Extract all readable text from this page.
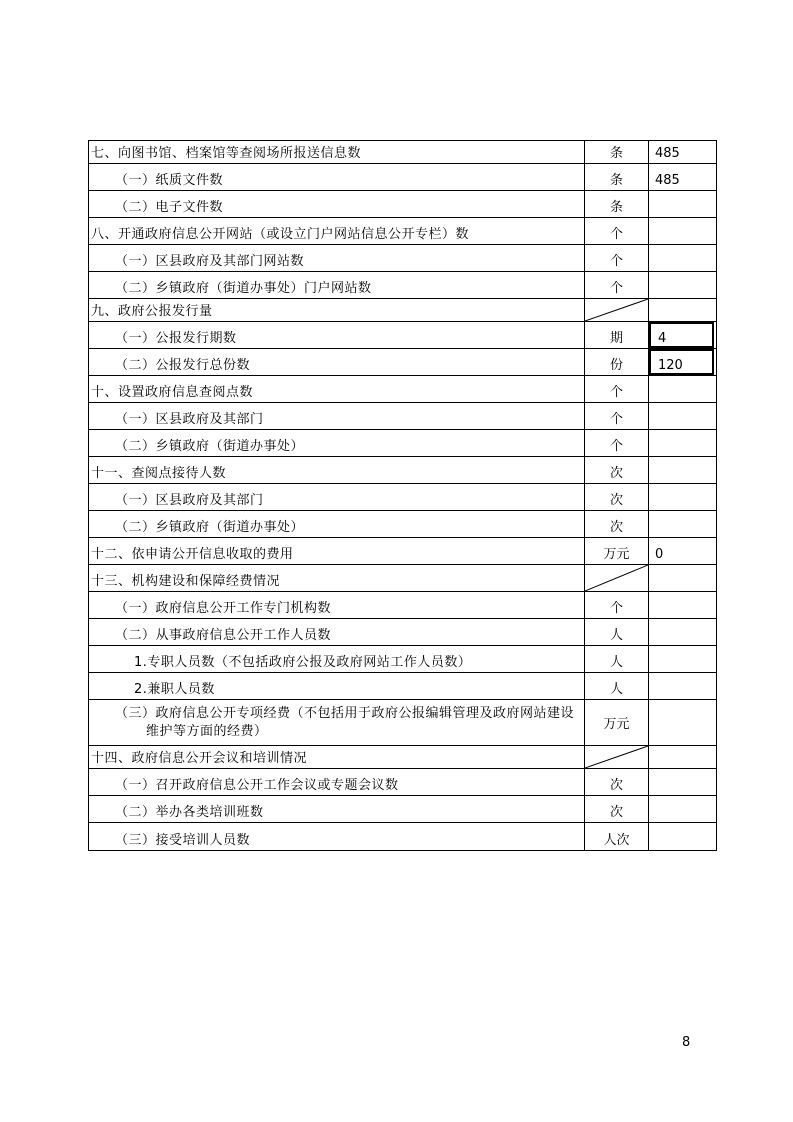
七、向图书馆、档案馆等查阅场所报送信息数	条	485
（一）纸质文件数	条	485
（二）电子文件数	条
八、开通政府信息公开网站（或设立门户网站信息公开专栏）数	个
（一）区县政府及其部门网站数	个
（二）乡镇政府（街道办事处）门户网站数	个
九、政府公报发行量
（一）公报发行期数	期	4
（二）公报发行总份数	份	120
十、设置政府信息查阅点数	个
（一）区县政府及其部门	个
（二）乡镇政府（街道办事处）	个
十一、查阅点接待人数	次
（一）区县政府及其部门	次
（二）乡镇政府（街道办事处）	次
十二、依申请公开信息收取的费用	万元	0
十三、机构建设和保障经费情况
（一）政府信息公开工作专门机构数	个
（二）从事政府信息公开工作人员数	人
1.专职人员数（不包括政府公报及政府网站工作人员数）	人
2.兼职人员数	人
（三）政府信息公开专项经费（不包括用于政府公报编辑管理及政府网站建设维护等方面的经费）	万元
十四、政府信息公开会议和培训情况
（一）召开政府信息公开工作会议或专题会议数	次
（二）举办各类培训班数	次
（三）接受培训人员数	人次
8
